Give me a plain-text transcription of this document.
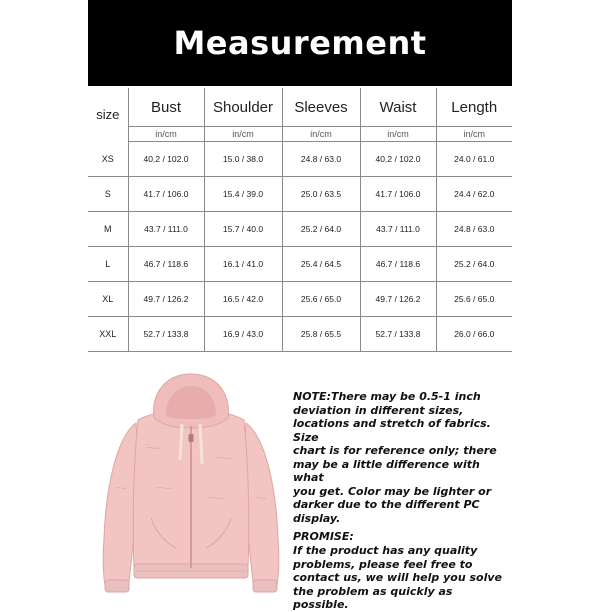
Measurement
size	Bust	Shoulder	Sleeves	Waist	Length
	in/cm	in/cm	in/cm	in/cm	in/cm
XS	40.2 / 102.0	15.0 / 38.0	24.8 / 63.0	40.2 / 102.0	24.0 / 61.0
S	41.7 / 106.0	15.4 / 39.0	25.0 / 63.5	41.7 / 106.0	24.4 / 62.0
M	43.7 / 111.0	15.7 / 40.0	25.2 / 64.0	43.7 / 111.0	24.8 / 63.0
L	46.7 / 118.6	16.1 / 41.0	25.4 / 64.5	46.7 / 118.6	25.2 / 64.0
XL	49.7 / 126.2	16.5 / 42.0	25.6 / 65.0	49.7 / 126.2	25.6 / 65.0
XXL	52.7 / 133.8	16.9 / 43.0	25.8 / 65.5	52.7 / 133.8	26.0 / 66.0
NOTE:There may be 0.5-1 inch
deviation in different sizes,
locations and stretch of fabrics. Size
chart is for reference only; there
may be a little difference with what
you get. Color may be lighter or
darker due to the different PC
display.
PROMISE:
If the product has any quality
problems, please feel free to
contact us, we will help you solve
the problem as quickly as possible.
